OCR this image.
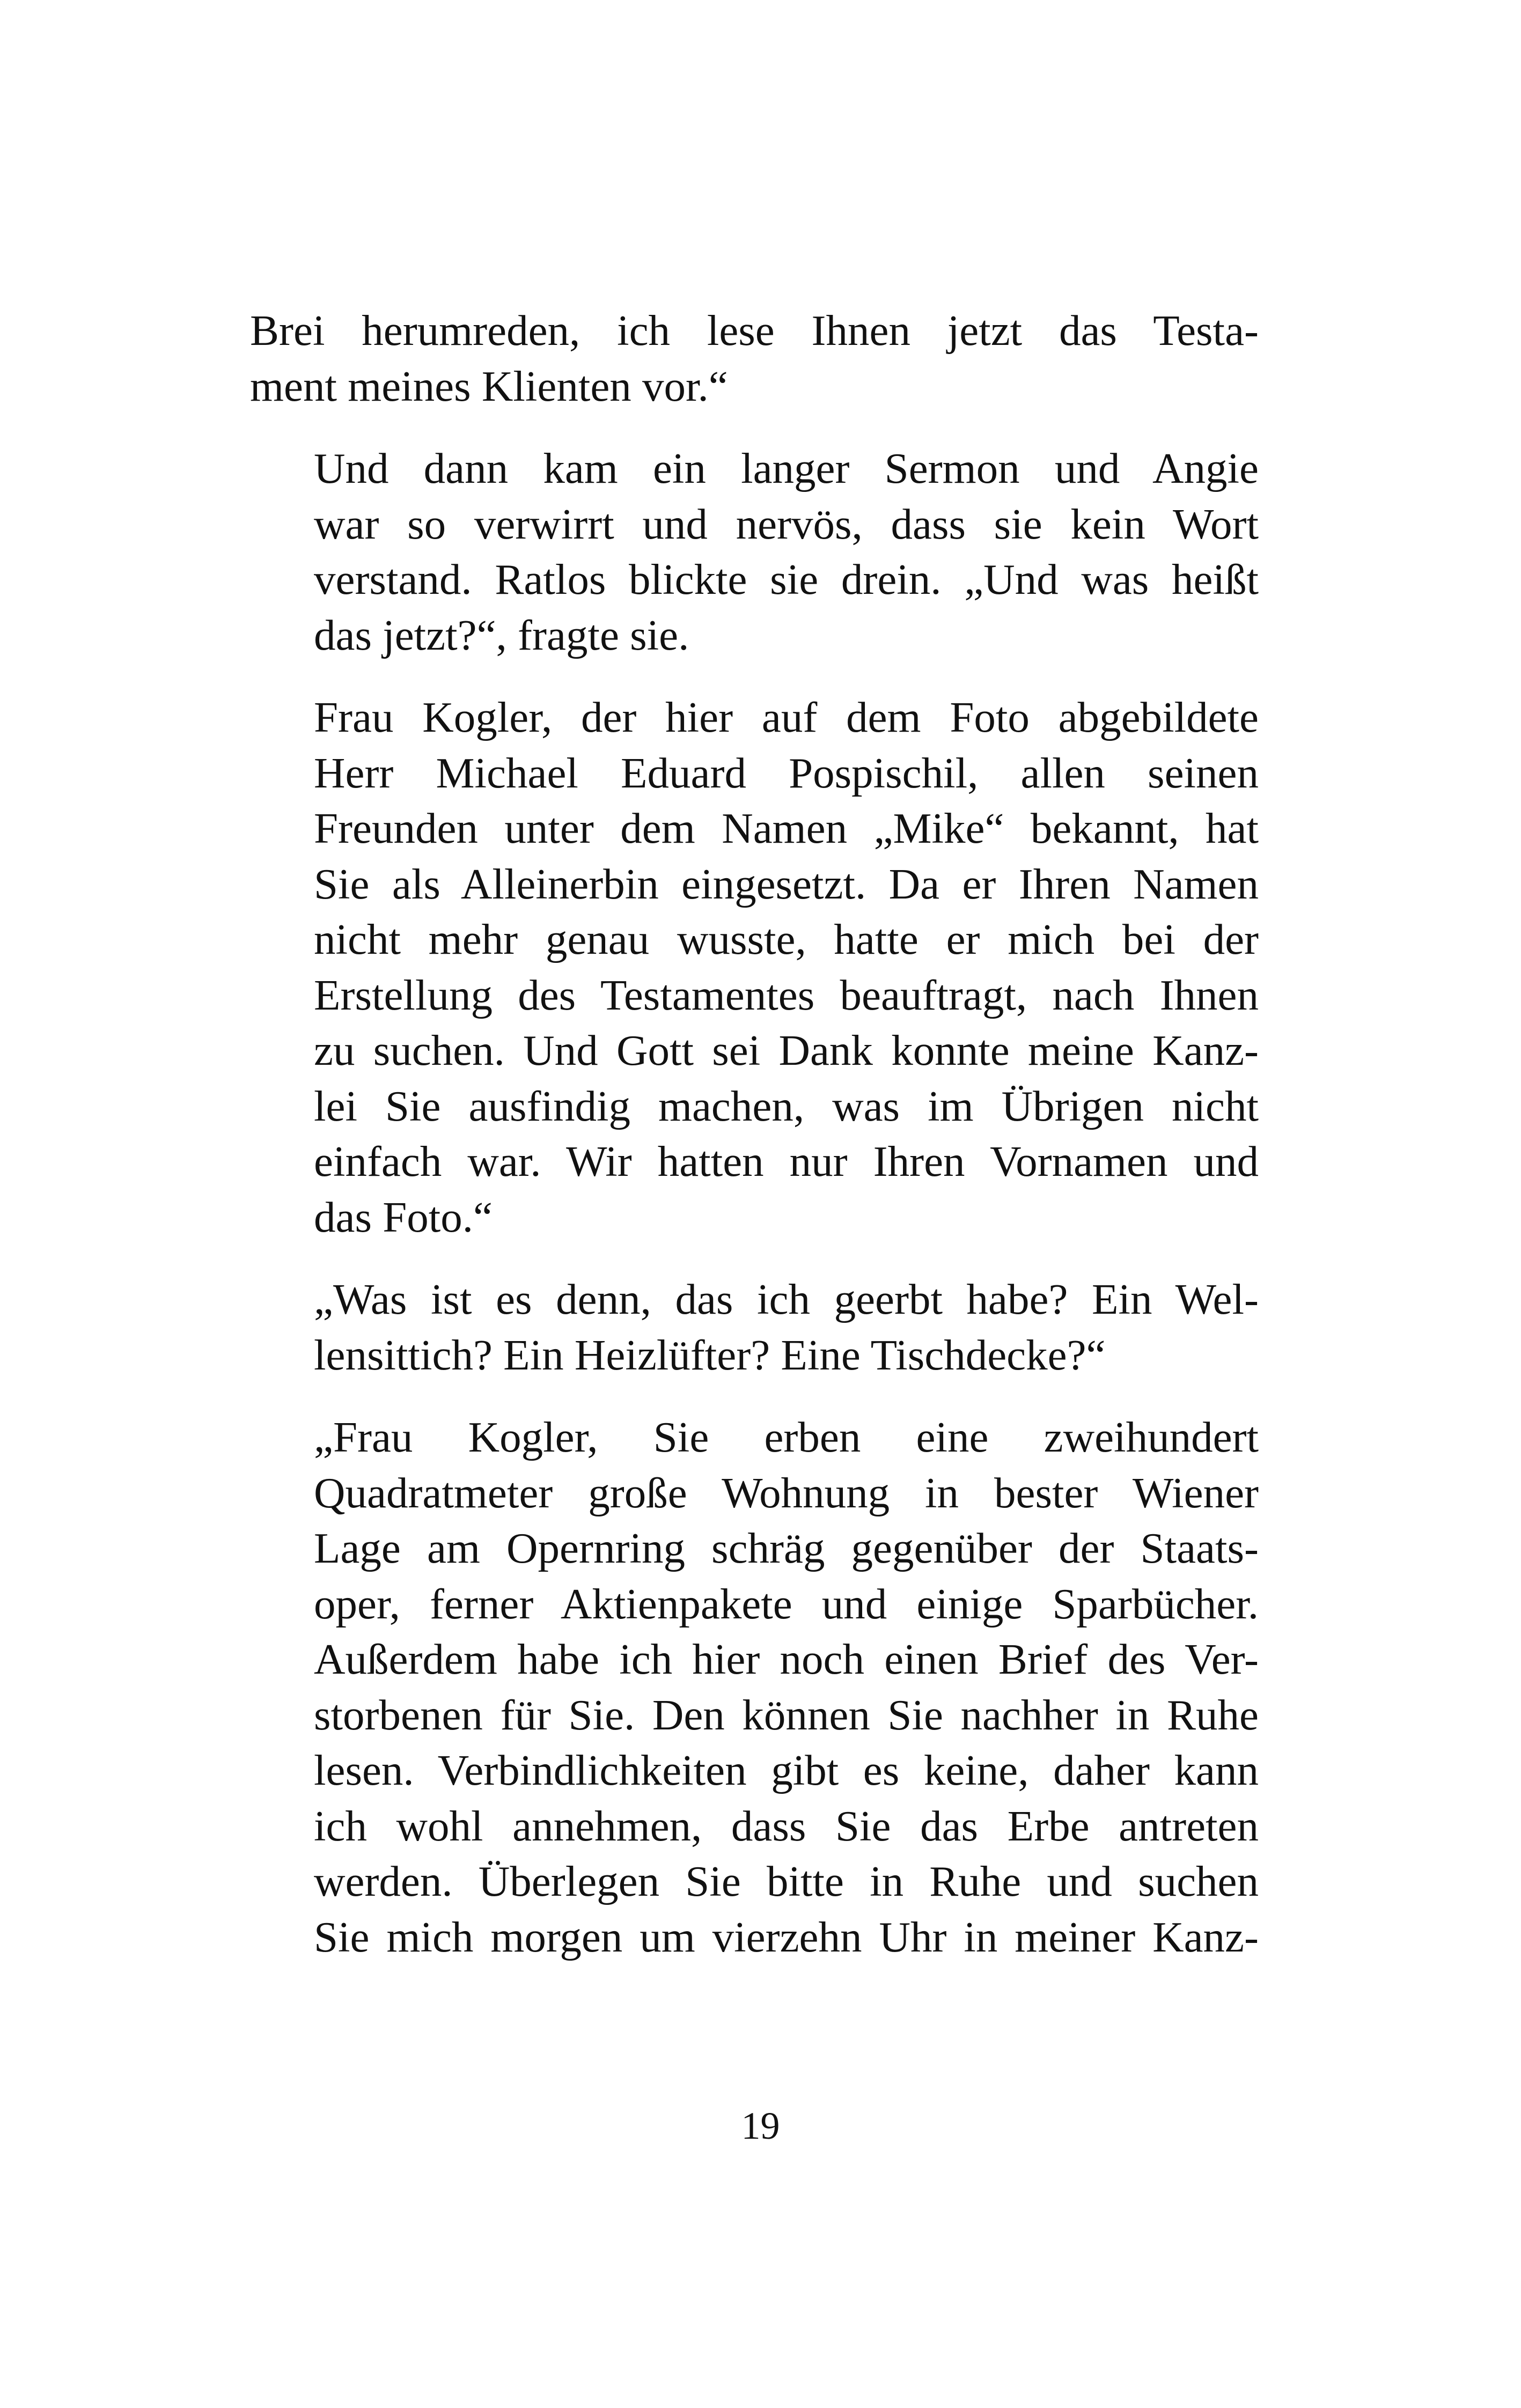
Brei herumreden, ich lese Ihnen jetzt das Testa-
ment meines Klienten vor.“

Und dann kam ein langer Sermon und Angie
war so verwirrt und nervös, dass sie kein Wort
verstand. Ratlos blickte sie drein. „Und was heißt
das jetzt?“, fragte sie.

Frau Kogler, der hier auf dem Foto abgebildete
Herr Michael Eduard Pospischil, allen seinen
Freunden unter dem Namen „Mike“ bekannt, hat
Sie als Alleinerbin eingesetzt. Da er Ihren Namen
nicht mehr genau wusste, hatte er mich bei der
Erstellung des Testamentes beauftragt, nach Ihnen
zu suchen. Und Gott sei Dank konnte meine Kanz-
lei Sie ausfindig machen, was im Übrigen nicht
einfach war. Wir hatten nur Ihren Vornamen und
das Foto.“

„Was ist es denn, das ich geerbt habe? Ein Wel-
lensittich? Ein Heizlüfter? Eine Tischdecke?“

„Frau Kogler, Sie erben eine zweihundert
Quadratmeter große Wohnung in bester Wiener
Lage am Opernring schräg gegenüber der Staats-
oper, ferner Aktienpakete und einige Sparbücher.
Außerdem habe ich hier noch einen Brief des Ver-
storbenen für Sie. Den können Sie nachher in Ruhe
lesen. Verbindlichkeiten gibt es keine, daher kann
ich wohl annehmen, dass Sie das Erbe antreten
werden. Überlegen Sie bitte in Ruhe und suchen
Sie mich morgen um vierzehn Uhr in meiner Kanz-

19
